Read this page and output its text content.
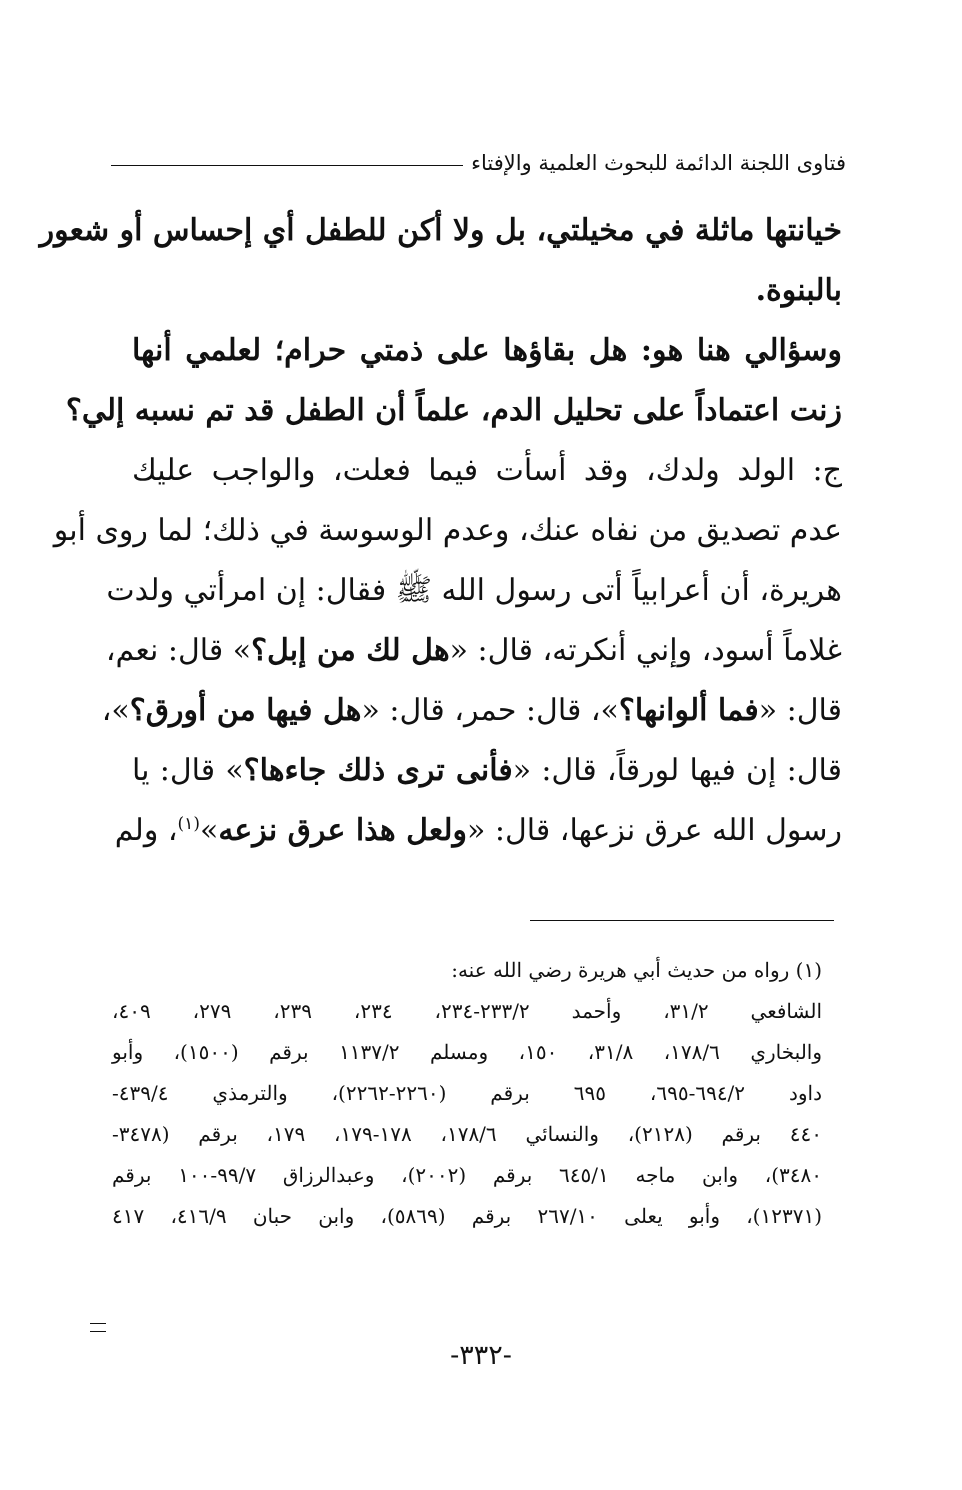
فتاوى اللجنة الدائمة للبحوث العلمية والإفتاء
خيانتها ماثلة في مخيلتي، بل ولا أكن للطفل أي إحساس أو شعور
بالبنوة.
وسؤالي هنا هو: هل بقاؤها على ذمتي حرام؛ لعلمي أنها
زنت اعتماداً على تحليل الدم، علماً أن الطفل قد تم نسبه إلي؟
ج: الولد ولدك، وقد أسأت فيما فعلت، والواجب عليك
عدم تصديق من نفاه عنك، وعدم الوسوسة في ذلك؛ لما روى أبو
هريرة، أن أعرابياً أتى رسول الله ﷺ فقال: إن امرأتي ولدت
غلاماً أسود، وإني أنكرته، قال: «هل لك من إبل؟» قال: نعم،
قال: «فما ألوانها؟»، قال: حمر، قال: «هل فيها من أورق؟»،
قال: إن فيها لورقاً، قال: «فأنى ترى ذلك جاءها؟» قال: يا
رسول الله عرق نزعها، قال: «ولعل هذا عرق نزعه»$^{(١)}$، ولم
(١) رواه من حديث أبي هريرة رضي الله عنه:
الشافعي ٣١/٢، وأحمد ٢٣٣/٢-٢٣٤، ٢٣٤، ٢٣٩، ٢٧٩، ٤٠٩،
والبخاري ١٧٨/٦، ٣١/٨، ١٥٠، ومسلم ١١٣٧/٢ برقم (١٥٠٠)، وأبو
داود ٦٩٤/٢-٦٩٥، ٦٩٥ برقم (٢٢٦٠-٢٢٦٢)، والترمذي ٤٣٩/٤-
٤٤٠ برقم (٢١٢٨)، والنسائي ١٧٨/٦، ١٧٨-١٧٩، ١٧٩، برقم (٣٤٧٨-
٣٤٨٠)، وابن ماجه ٦٤٥/١ برقم (٢٠٠٢)، وعبدالرزاق ٩٩/٧-١٠٠ برقم
(١٢٣٧١)، وأبو يعلى ٢٦٧/١٠ برقم (٥٨٦٩)، وابن حبان ٤١٦/٩، ٤١٧
-٣٣٢-
